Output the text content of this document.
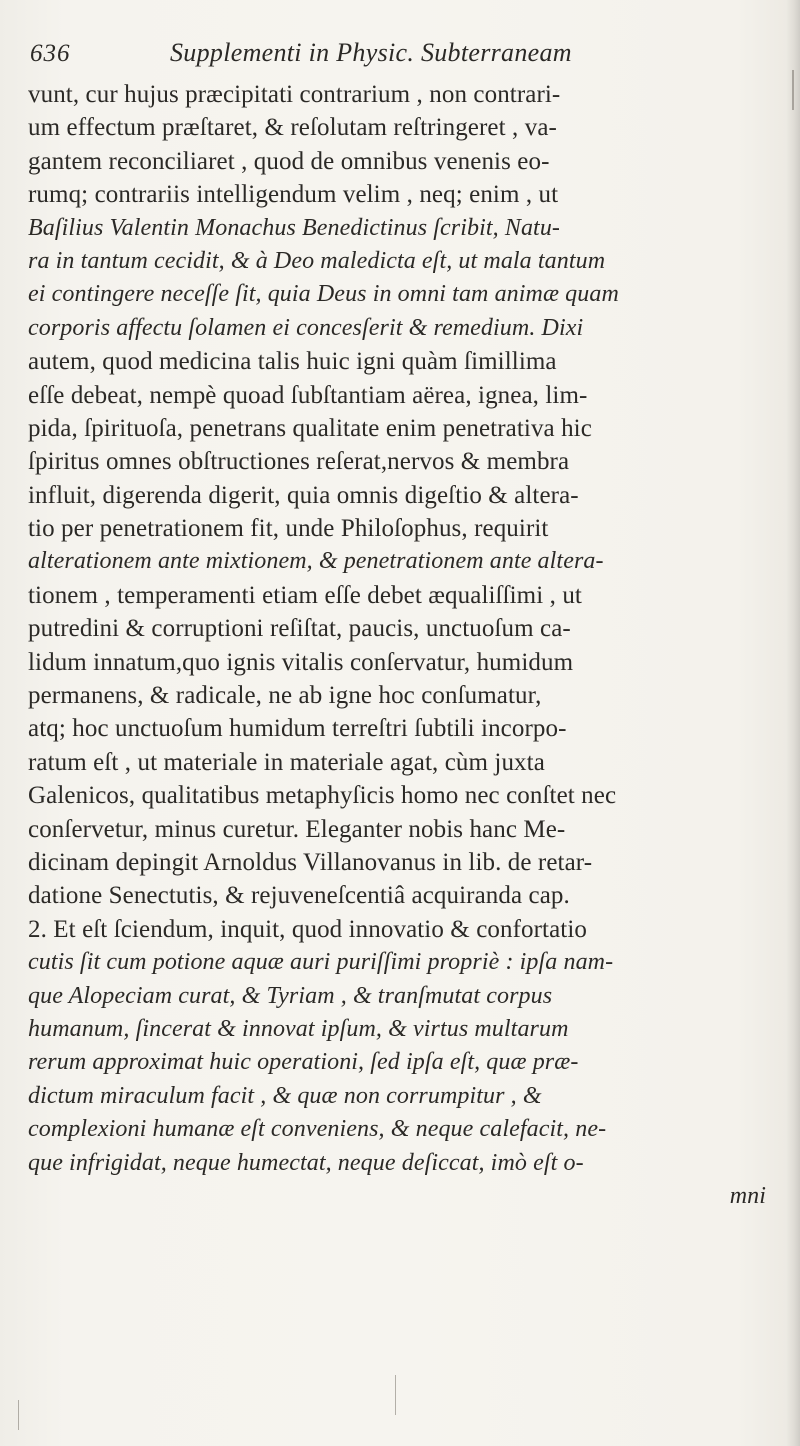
636	Supplementi in Physic. Subterraneam
vunt, cur hujus præcipitati contrarium , non contrari-
um effectum præſtaret, & reſolutam reſtringeret , va-
gantem reconciliaret , quod de omnibus venenis eo-
rumq; contrariis intelligendum velim , neq; enim , ut
Baſilius Valentin Monachus Benedictinus ſcribit, Natu-
ra in tantum cecidit, & à Deo maledicta eſt, ut mala tantum
ei contingere neceſſe ſit, quia Deus in omni tam animæ quam
corporis affectu ſolamen ei concesſerit & remedium. Dixi
autem, quod medicina talis huic igni quàm ſimillima
eſſe debeat, nempè quoad ſubſtantiam aërea, ignea, lim-
pida, ſpirituoſa, penetrans qualitate enim penetrativa hic
ſpiritus omnes obſtructiones reſerat,nervos & membra
influit, digerenda digerit, quia omnis digeſtio & altera-
tio per penetrationem fit, unde Philoſophus, requirit
alterationem ante mixtionem, & penetrationem ante altera-
tionem , temperamenti etiam eſſe debet æqualiſſimi , ut
putredini & corruptioni reſiſtat, paucis, unctuoſum ca-
lidum innatum,quo ignis vitalis conſervatur, humidum
permanens, & radicale, ne ab igne hoc conſumatur,
atq; hoc unctuoſum humidum terreſtri ſubtili incorpo-
ratum eſt , ut materiale in materiale agat, cùm juxta
Galenicos, qualitatibus metaphyſicis homo nec conſtet nec
conſervetur, minus curetur. Eleganter nobis hanc Me-
dicinam depingit Arnoldus Villanovanus in lib. de retar-
datione Senectutis, & rejuveneſcentiâ acquiranda cap.
2. Et eſt ſciendum, inquit, quod innovatio & confortatio
cutis ſit cum potione aquæ auri puriſſimi propriè : ipſa nam-
que Alopeciam curat, & Tyriam , & tranſmutat corpus
humanum, ſincerat & innovat ipſum, & virtus multarum
rerum approximat huic operationi, ſed ipſa eſt, quæ præ-
dictum miraculum facit , & quæ non corrumpitur , &
complexioni humanæ eſt conveniens, & neque calefacit, ne-
que infrigidat, neque humectat, neque deſiccat, imò eſt o-
mni
